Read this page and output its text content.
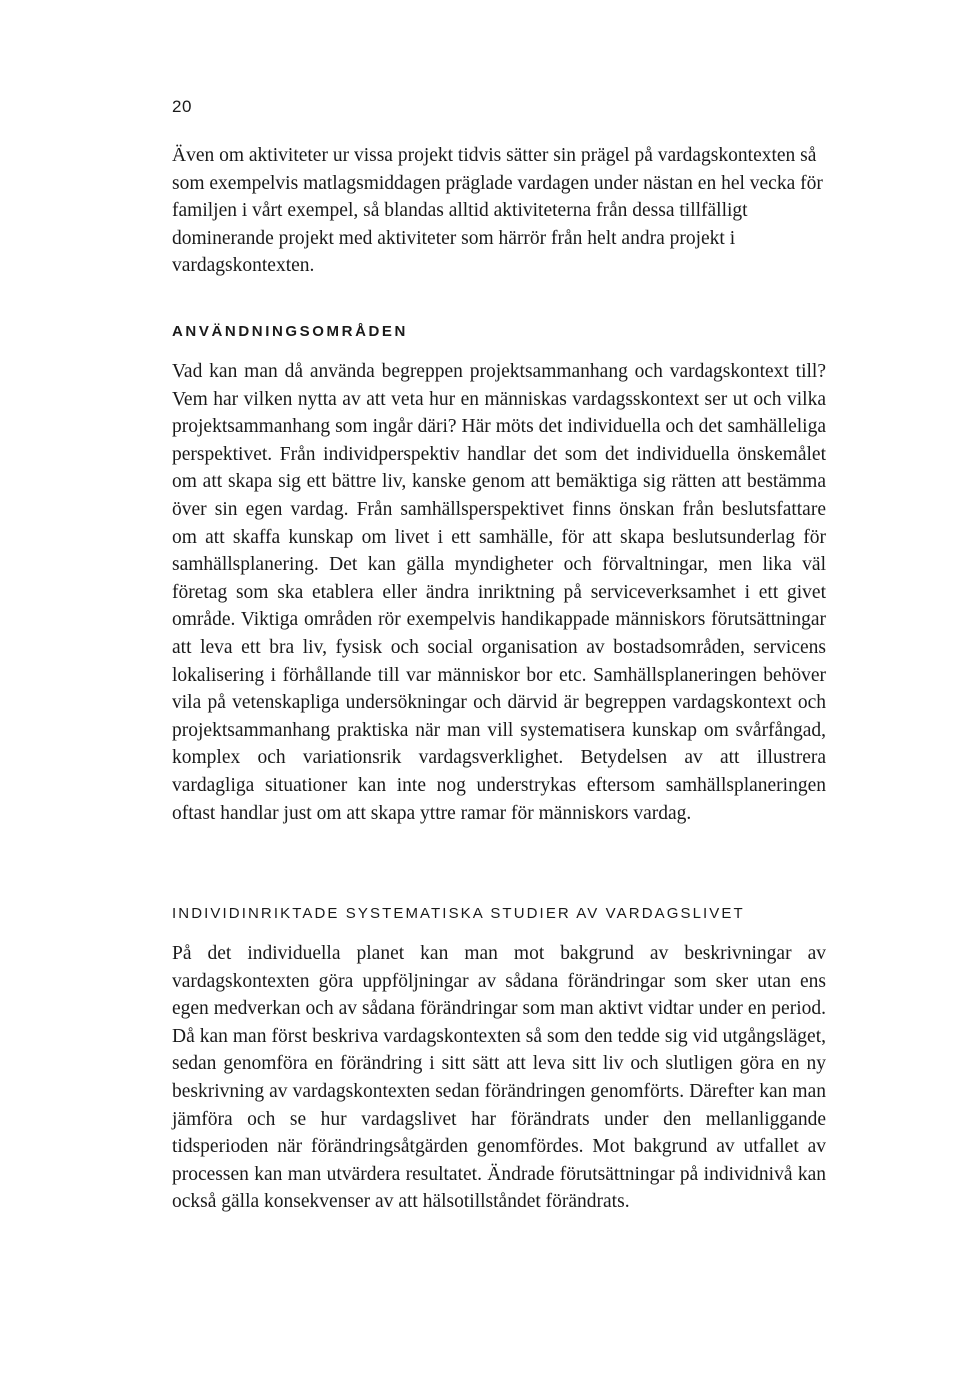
20

Även om aktiviteter ur vissa projekt tidvis sätter sin prägel på vardagskontexten så som exempelvis matlagsmiddagen präglade vardagen under nästan en hel vecka för familjen i vårt exempel, så blandas alltid aktiviteterna från dessa tillfälligt dominerande projekt med aktiviteter som härrör från helt andra projekt i vardagskontexten.

ANVÄNDNINGSOMRÅDEN

Vad kan man då använda begreppen projektsammanhang och vardagskontext till? Vem har vilken nytta av att veta hur en människas vardagsskontext ser ut och vilka projektsammanhang som ingår däri? Här möts det individuella och det samhälleliga perspektivet. Från individperspektiv handlar det som det individuella önskemålet om att skapa sig ett bättre liv, kanske genom att bemäktiga sig rätten att bestämma över sin egen vardag. Från samhällsperspektivet finns önskan från beslutsfattare om att skaffa kunskap om livet i ett samhälle, för att skapa beslutsunderlag för samhällsplanering. Det kan gälla myndigheter och förvaltningar, men lika väl företag som ska etablera eller ändra inriktning på serviceverksamhet i ett givet område. Viktiga områden rör exempelvis handikappade människors förutsättningar att leva ett bra liv, fysisk och social organisation av bostadsområden, servicens lokalisering i förhållande till var människor bor etc. Samhällsplaneringen behöver vila på vetenskapliga undersökningar och därvid är begreppen vardagskontext och projektsammanhang praktiska när man vill systematisera kunskap om svårfångad, komplex och variationsrik vardagsverklighet. Betydelsen av att illustrera vardagliga situationer kan inte nog understrykas eftersom samhällsplaneringen oftast handlar just om att skapa yttre ramar för människors vardag.

INDIVIDINRIKTADE SYSTEMATISKA STUDIER AV VARDAGSLIVET

På det individuella planet kan man mot bakgrund av beskrivningar av vardagskontexten göra uppföljningar av sådana förändringar som sker utan ens egen medverkan och av sådana förändringar som man aktivt vidtar under en period. Då kan man först beskriva vardagskontexten så som den tedde sig vid utgångsläget, sedan genomföra en förändring i sitt sätt att leva sitt liv och slutligen göra en ny beskrivning av vardagskontexten sedan förändringen genomförts. Därefter kan man jämföra och se hur vardagslivet har förändrats under den mellanliggande tidsperioden när förändringsåtgärden genomfördes. Mot bakgrund av utfallet av processen kan man utvärdera resultatet. Ändrade förutsättningar på individnivå kan också gälla konsekvenser av att hälsotillståndet förändrats.
